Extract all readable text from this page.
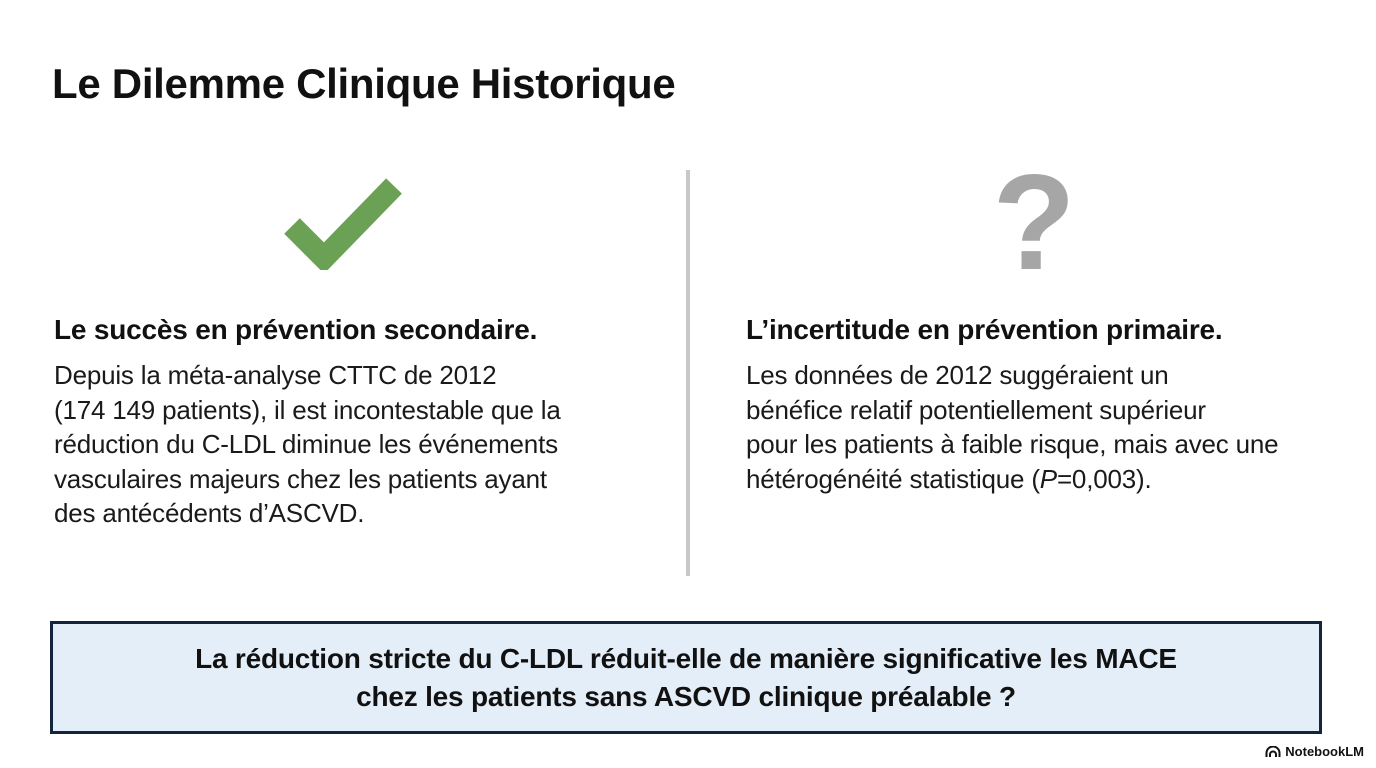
Le Dilemme Clinique Historique
?
Le succès en prévention secondaire.

Depuis la méta-analyse CTTC de 2012
(174 149 patients), il est incontestable que la
réduction du C-LDL diminue les événements
vasculaires majeurs chez les patients ayant
des antécédents d’ASCVD.

L’incertitude en prévention primaire.

Les données de 2012 suggéraient un
bénéfice relatif potentiellement supérieur
pour les patients à faible risque, mais avec une
hétérogénéité statistique (P=0,003).

La réduction stricte du C-LDL réduit-elle de manière significative les MACE
chez les patients sans ASCVD clinique préalable ?
NotebookLM
